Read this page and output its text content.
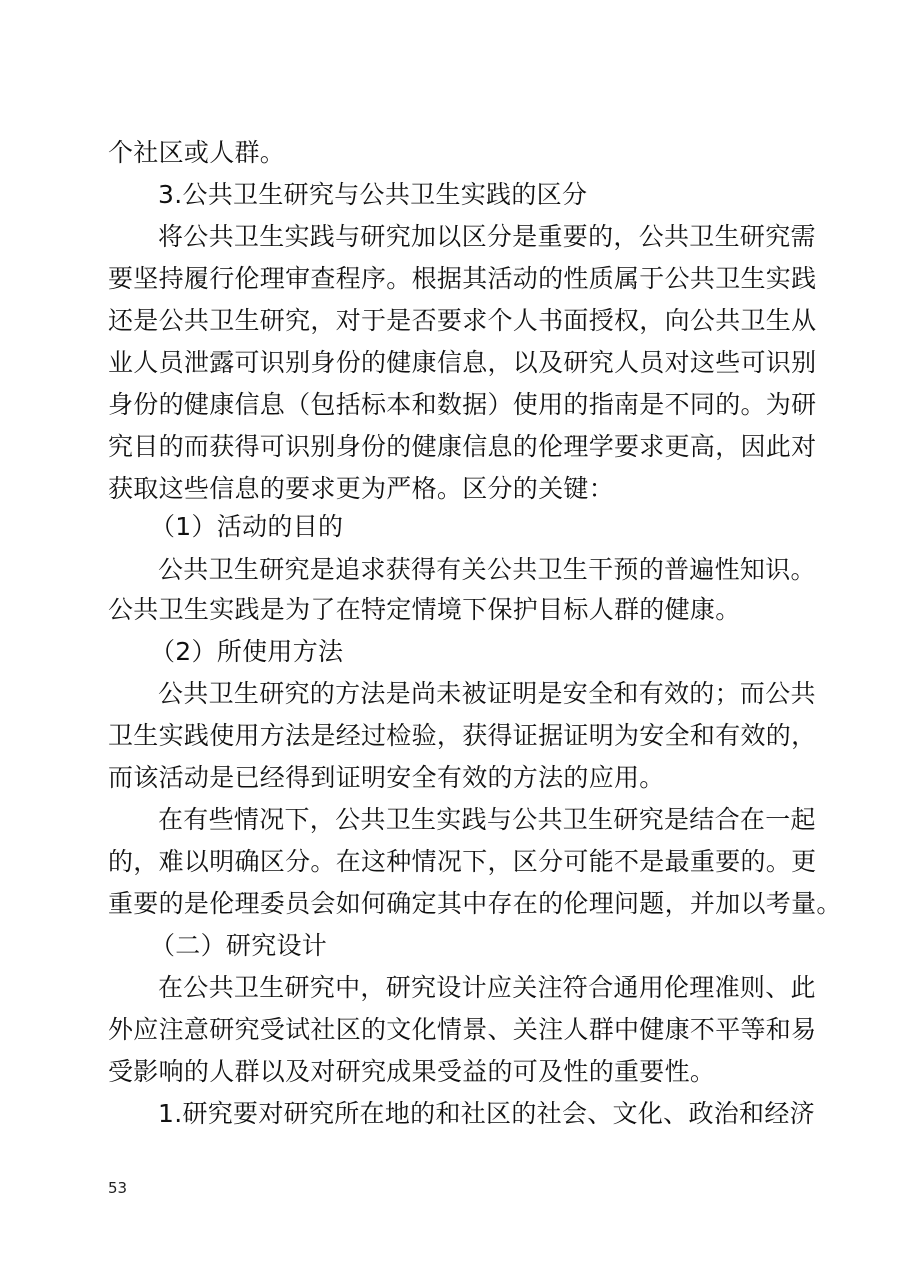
个社区或人群。
3.公共卫生研究与公共卫生实践的区分
将公共卫生实践与研究加以区分是重要的，公共卫生研究需
要坚持履行伦理审查程序。根据其活动的性质属于公共卫生实践
还是公共卫生研究，对于是否要求个人书面授权，向公共卫生从
业人员泄露可识别身份的健康信息，以及研究人员对这些可识别
身份的健康信息（包括标本和数据）使用的指南是不同的。为研
究目的而获得可识别身份的健康信息的伦理学要求更高，因此对
获取这些信息的要求更为严格。区分的关键：
（1）活动的目的
公共卫生研究是追求获得有关公共卫生干预的普遍性知识。
公共卫生实践是为了在特定情境下保护目标人群的健康。
（2）所使用方法
公共卫生研究的方法是尚未被证明是安全和有效的；而公共
卫生实践使用方法是经过检验，获得证据证明为安全和有效的，
而该活动是已经得到证明安全有效的方法的应用。
在有些情况下，公共卫生实践与公共卫生研究是结合在一起
的，难以明确区分。在这种情况下，区分可能不是最重要的。更
重要的是伦理委员会如何确定其中存在的伦理问题，并加以考量。
（二）研究设计
在公共卫生研究中，研究设计应关注符合通用伦理准则、此
外应注意研究受试社区的文化情景、关注人群中健康不平等和易
受影响的人群以及对研究成果受益的可及性的重要性。
1.研究要对研究所在地的和社区的社会、文化、政治和经济
53
